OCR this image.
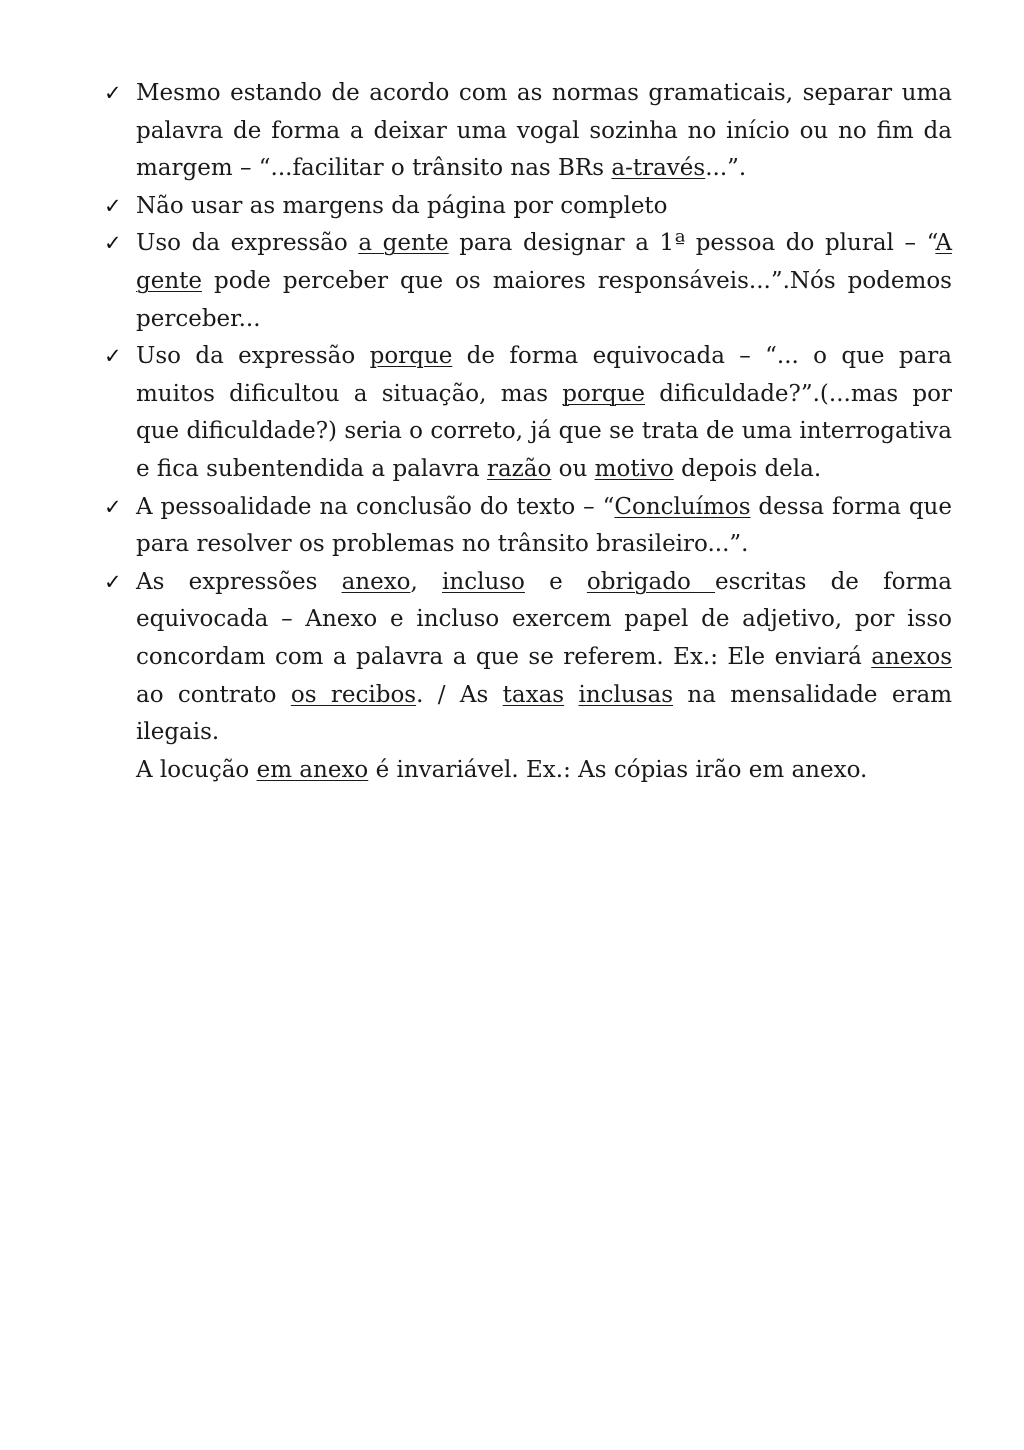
✓ Mesmo estando de acordo com as normas gramaticais, separar uma palavra de forma a deixar uma vogal sozinha no início ou no fim da margem – “...facilitar o trânsito nas BRs a-través...”.
✓ Não usar as margens da página por completo
✓ Uso da expressão a gente para designar a 1ª pessoa do plural – “A gente pode perceber que os maiores responsáveis...”.Nós podemos perceber...
✓ Uso da expressão porque de forma equivocada – “... o que para muitos dificultou a situação, mas porque dificuldade?”.(...mas por que dificuldade?) seria o correto, já que se trata de uma interrogativa e fica subentendida a palavra razão ou motivo depois dela.
✓ A pessoalidade na conclusão do texto – “Concluímos dessa forma que para resolver os problemas no trânsito brasileiro...”.
✓ As expressões anexo, incluso e obrigado escritas de forma equivocada – Anexo e incluso exercem papel de adjetivo, por isso concordam com a palavra a que se referem. Ex.: Ele enviará anexos ao contrato os recibos. / As taxas inclusas na mensalidade eram ilegais.

A locução em anexo é invariável. Ex.: As cópias irão em anexo.
